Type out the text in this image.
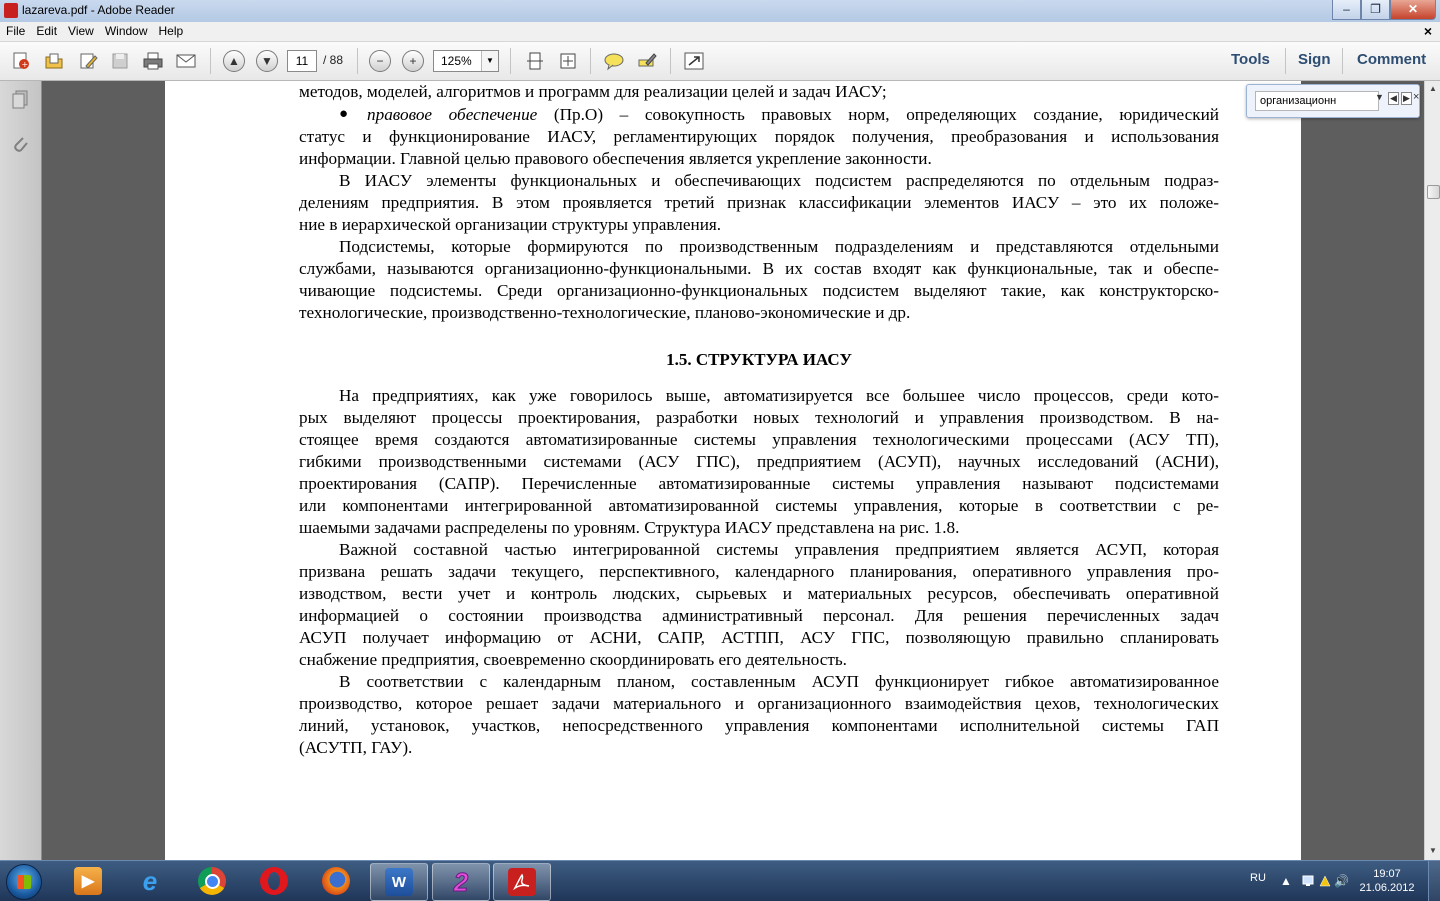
lazareva.pdf - Adobe Reader	–	❐	✕
File Edit View Window Help	×
+	▲	▼	11	/ 88	−	+	125%	▼	Tools Sign Comment
методов, моделей, алгоритмов и программ для реализации целей и задач ИАСУ;
● правовое обеспечение (Пр.О) – совокупность правовых норм, определяющих создание, юридический
статус и функционирование ИАСУ, регламентирующих порядок получения, преобразования и использования
информации. Главной целью правового обеспечения является укрепление законности.
В ИАСУ элементы функциональных и обеспечивающих подсистем распределяются по отдельным подраз-
делениям предприятия. В этом проявляется третий признак классификации элементов ИАСУ – это их положе-
ние в иерархической организации структуры управления.
Подсистемы, которые формируются по производственным подразделениям и представляются отдельными
службами, называются организационно-функциональными. В их состав входят как функциональные, так и обеспе-
чивающие подсистемы. Среди организационно-функциональных подсистем выделяют такие, как конструкторско-
технологические, производственно-технологические, планово-экономические и др.
1.5. СТРУКТУРА ИАСУ
На предприятиях, как уже говорилось выше, автоматизируется все большее число процессов, среди кото-
рых выделяют процессы проектирования, разработки новых технологий и управления производством. В на-
стоящее время создаются автоматизированные системы управления технологическими процессами (АСУ ТП),
гибкими производственными системами (АСУ ГПС), предприятием (АСУП), научных исследований (АСНИ),
проектирования (САПР). Перечисленные автоматизированные системы управления называют подсистемами
или компонентами интегрированной автоматизированной системы управления, которые в соответствии с ре-
шаемыми задачами распределены по уровням. Структура ИАСУ представлена на рис. 1.8.
Важной составной частью интегрированной системы управления предприятием является АСУП, которая
призвана решать задачи текущего, перспективного, календарного планирования, оперативного управления про-
изводством, вести учет и контроль людских, сырьевых и материальных ресурсов, обеспечивать оперативной
информацией о состоянии производства административный персонал. Для решения перечисленных задач
АСУП получает информацию от АСНИ, САПР, АСТПП, АСУ ГПС, позволяющую правильно спланировать
снабжение предприятия, своевременно скоординировать его деятельность.
В соответствии с календарным планом, составленным АСУП функционирует гибкое автоматизированное
производство, которое решает задачи материального и организационного взаимодействия цехов, технологических
линий, установок, участков, непосредственного управления компонентами исполнительной системы ГАП
(АСУТП, ГАУ).
▲
▼
организационн	▼ ◀ ▶ ×
▶	e	W 2	RU ▲	🔊	19:07
21.06.2012
